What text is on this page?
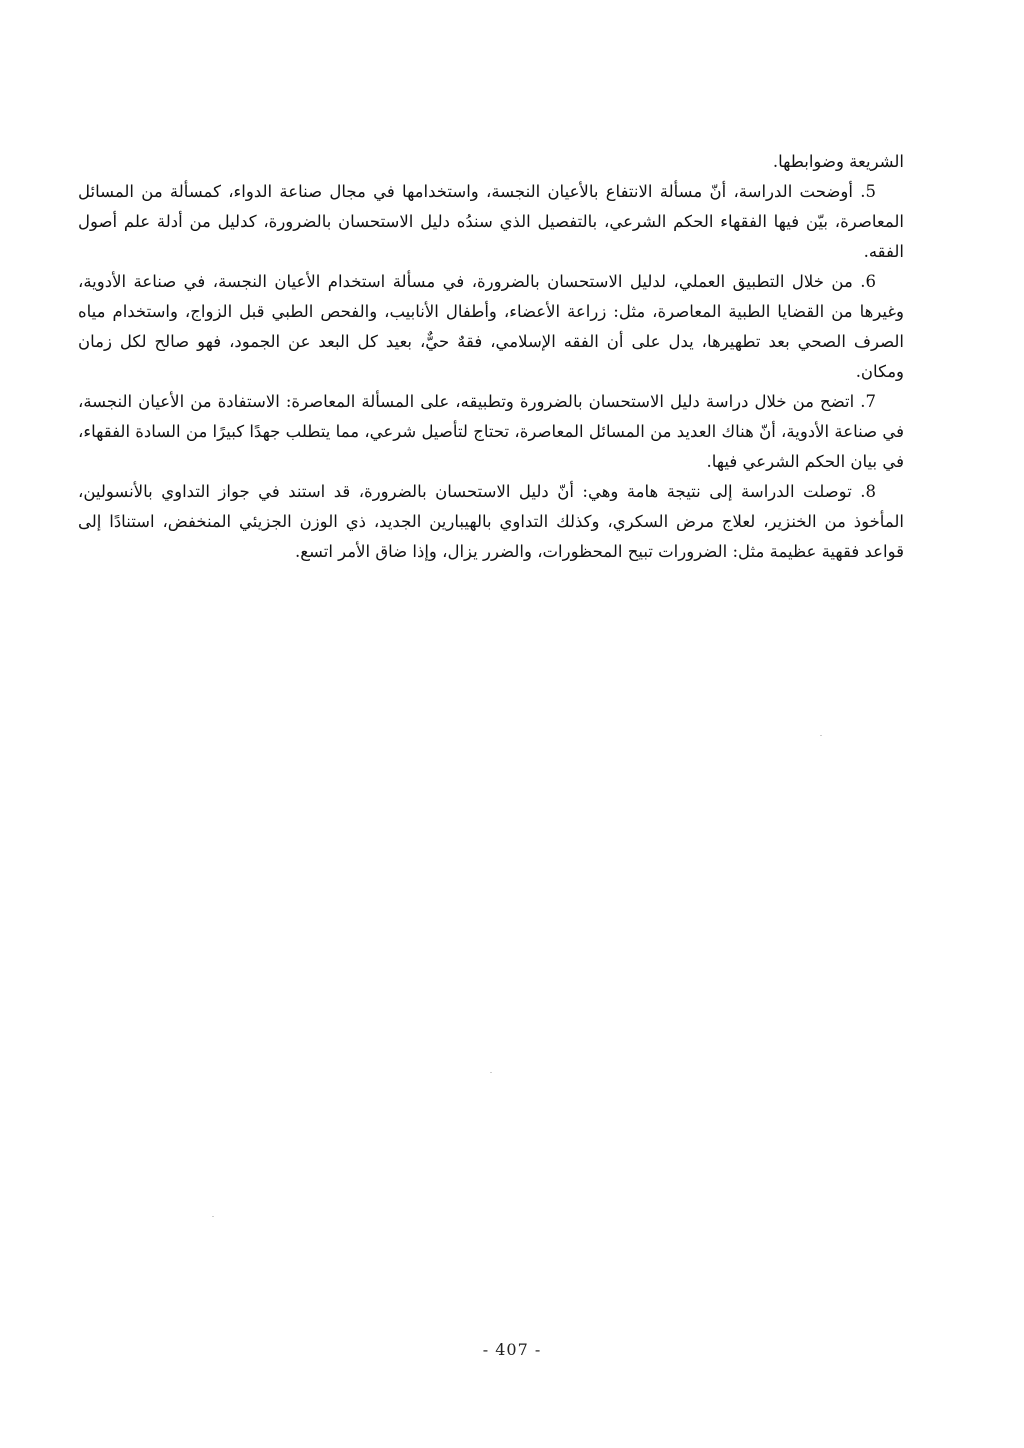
الشريعة وضوابطها.

5. أوضحت الدراسة، أنّ مسألة الانتفاع بالأعيان النجسة، واستخدامها في مجال صناعة الدواء، كمسألة من المسائل المعاصرة، بيّن فيها الفقهاء الحكم الشرعي، بالتفصيل الذي سندُه دليل الاستحسان بالضرورة، كدليل من أدلة علم أصول الفقه.

6. من خلال التطبيق العملي، لدليل الاستحسان بالضرورة، في مسألة استخدام الأعيان النجسة، في صناعة الأدوية، وغيرها من القضايا الطبية المعاصرة، مثل: زراعة الأعضاء، وأطفال الأنابيب، والفحص الطبي قبل الزواج، واستخدام مياه الصرف الصحي بعد تطهيرها، يدل على أن الفقه الإسلامي، فقهٌ حيٌّ، بعيد كل البعد عن الجمود، فهو صالح لكل زمان ومكان.

7. اتضح من خلال دراسة دليل الاستحسان بالضرورة وتطبيقه، على المسألة المعاصرة: الاستفادة من الأعيان النجسة، في صناعة الأدوية، أنّ هناك العديد من المسائل المعاصرة، تحتاج لتأصيل شرعي، مما يتطلب جهدًا كبيرًا من السادة الفقهاء، في بيان الحكم الشرعي فيها.

8. توصلت الدراسة إلى نتيجة هامة وهي: أنّ دليل الاستحسان بالضرورة، قد استند في جواز التداوي بالأنسولين، المأخوذ من الخنزير، لعلاج مرض السكري، وكذلك التداوي بالهيبارين الجديد، ذي الوزن الجزيئي المنخفض، استنادًا إلى قواعد فقهية عظيمة مثل: الضرورات تبيح المحظورات، والضرر يزال، وإذا ضاق الأمر اتسع.

- 407 -
